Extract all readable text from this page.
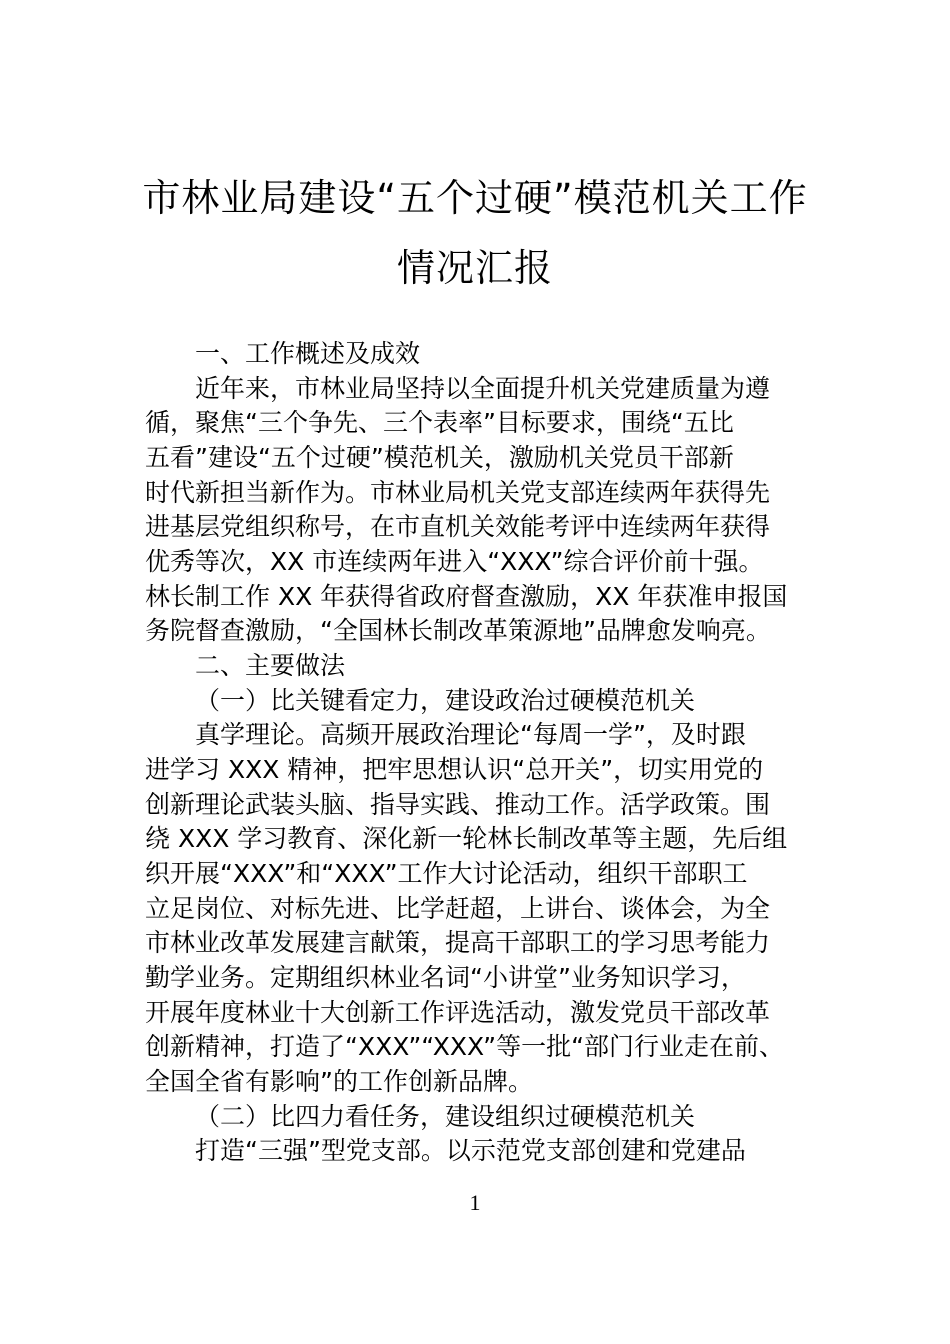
市林业局建设“五个过硬”模范机关工作
情况汇报
一、工作概述及成效
近年来，市林业局坚持以全面提升机关党建质量为遵
循，聚焦“三个争先、三个表率”目标要求，围绕“五比
五看”建设“五个过硬”模范机关，激励机关党员干部新
时代新担当新作为。市林业局机关党支部连续两年获得先
进基层党组织称号，在市直机关效能考评中连续两年获得
优秀等次，XX 市连续两年进入“XXX”综合评价前十强。
林长制工作 XX 年获得省政府督查激励，XX 年获准申报国
务院督查激励，“全国林长制改革策源地”品牌愈发响亮。
二、主要做法
（一）比关键看定力，建设政治过硬模范机关
真学理论。高频开展政治理论“每周一学”，及时跟
进学习 XXX 精神，把牢思想认识“总开关”，切实用党的
创新理论武装头脑、指导实践、推动工作。活学政策。围
绕 XXX 学习教育、深化新一轮林长制改革等主题，先后组
织开展“XXX”和“XXX”工作大讨论活动，组织干部职工
立足岗位、对标先进、比学赶超，上讲台、谈体会，为全
市林业改革发展建言献策，提高干部职工的学习思考能力
勤学业务。定期组织林业名词“小讲堂”业务知识学习，
开展年度林业十大创新工作评选活动，激发党员干部改革
创新精神，打造了“XXX”“XXX”等一批“部门行业走在前、
全国全省有影响”的工作创新品牌。
（二）比四力看任务，建设组织过硬模范机关
打造“三强”型党支部。以示范党支部创建和党建品
1
